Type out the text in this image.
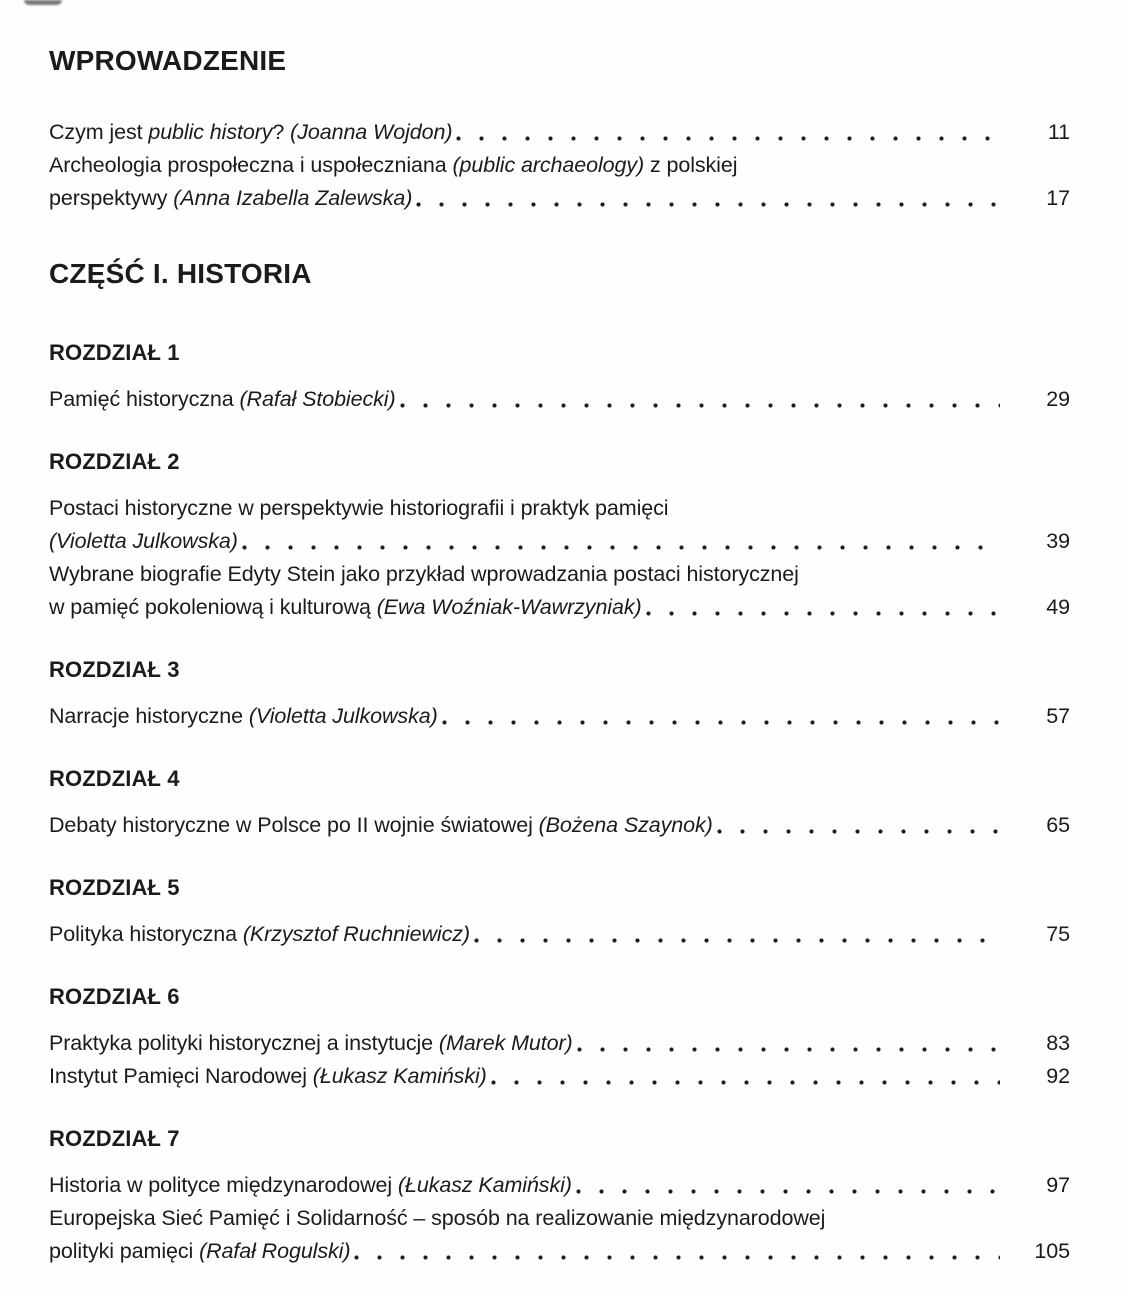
WPROWADZENIE
Czym jest public history? (Joanna Wojdon)	11
Archeologia prospołeczna i uspołeczniana (public archaeology) z polskiej
perspektywy (Anna Izabella Zalewska)	17
CZĘŚĆ I. HISTORIA
ROZDZIAŁ 1
Pamięć historyczna (Rafał Stobiecki)	29
ROZDZIAŁ 2
Postaci historyczne w perspektywie historiografii i praktyk pamięci
(Violetta Julkowska)	39
Wybrane biografie Edyty Stein jako przykład wprowadzania postaci historycznej
w pamięć pokoleniową i kulturową (Ewa Woźniak-Wawrzyniak)	49
ROZDZIAŁ 3
Narracje historyczne (Violetta Julkowska)	57
ROZDZIAŁ 4
Debaty historyczne w Polsce po II wojnie światowej (Bożena Szaynok)	65
ROZDZIAŁ 5
Polityka historyczna (Krzysztof Ruchniewicz)	75
ROZDZIAŁ 6
Praktyka polityki historycznej a instytucje (Marek Mutor)	83
Instytut Pamięci Narodowej (Łukasz Kamiński)	92
ROZDZIAŁ 7
Historia w polityce międzynarodowej (Łukasz Kamiński)	97
Europejska Sieć Pamięć i Solidarność – sposób na realizowanie międzynarodowej
polityki pamięci (Rafał Rogulski)	105
